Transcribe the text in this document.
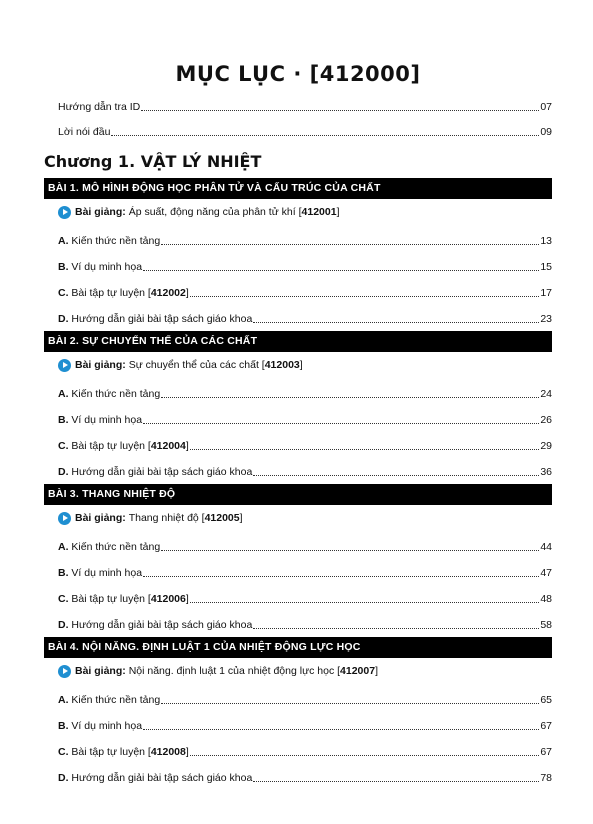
MỤC LỤC · [412000]
Hướng dẫn tra ID	07
Lời nói đầu	09
Chương 1. VẬT LÝ NHIỆT
BÀI 1. MÔ HÌNH ĐỘNG HỌC PHÂN TỬ VÀ CẤU TRÚC CỦA CHẤT
Bài giảng:
Áp suất, động năng của phân tử khí [ 412001 ]
A. Kiến thức nền tảng	13
B. Ví dụ minh họa	15
C. Bài tập tự luyện [412002]	17
D. Hướng dẫn giải bài tập sách giáo khoa	23
BÀI 2. SỰ CHUYỂN THỂ CỦA CÁC CHẤT
Bài giảng:
Sự chuyển thể của các chất [ 412003 ]
A. Kiến thức nền tảng	24
B. Ví dụ minh họa	26
C. Bài tập tự luyện [412004]	29
D. Hướng dẫn giải bài tập sách giáo khoa	36
BÀI 3. THANG NHIỆT ĐỘ
Bài giảng:
Thang nhiệt độ [ 412005 ]
A. Kiến thức nền tảng	44
B. Ví dụ minh họa	47
C. Bài tập tự luyện [412006]	48
D. Hướng dẫn giải bài tập sách giáo khoa	58
BÀI 4. NỘI NĂNG. ĐỊNH LUẬT 1 CỦA NHIỆT ĐỘNG LỰC HỌC
Bài giảng:
Nội năng. định luật 1 của nhiệt động lực học [ 412007 ]
A. Kiến thức nền tảng	65
B. Ví dụ minh họa	67
C. Bài tập tự luyện [412008]	67
D. Hướng dẫn giải bài tập sách giáo khoa	78
